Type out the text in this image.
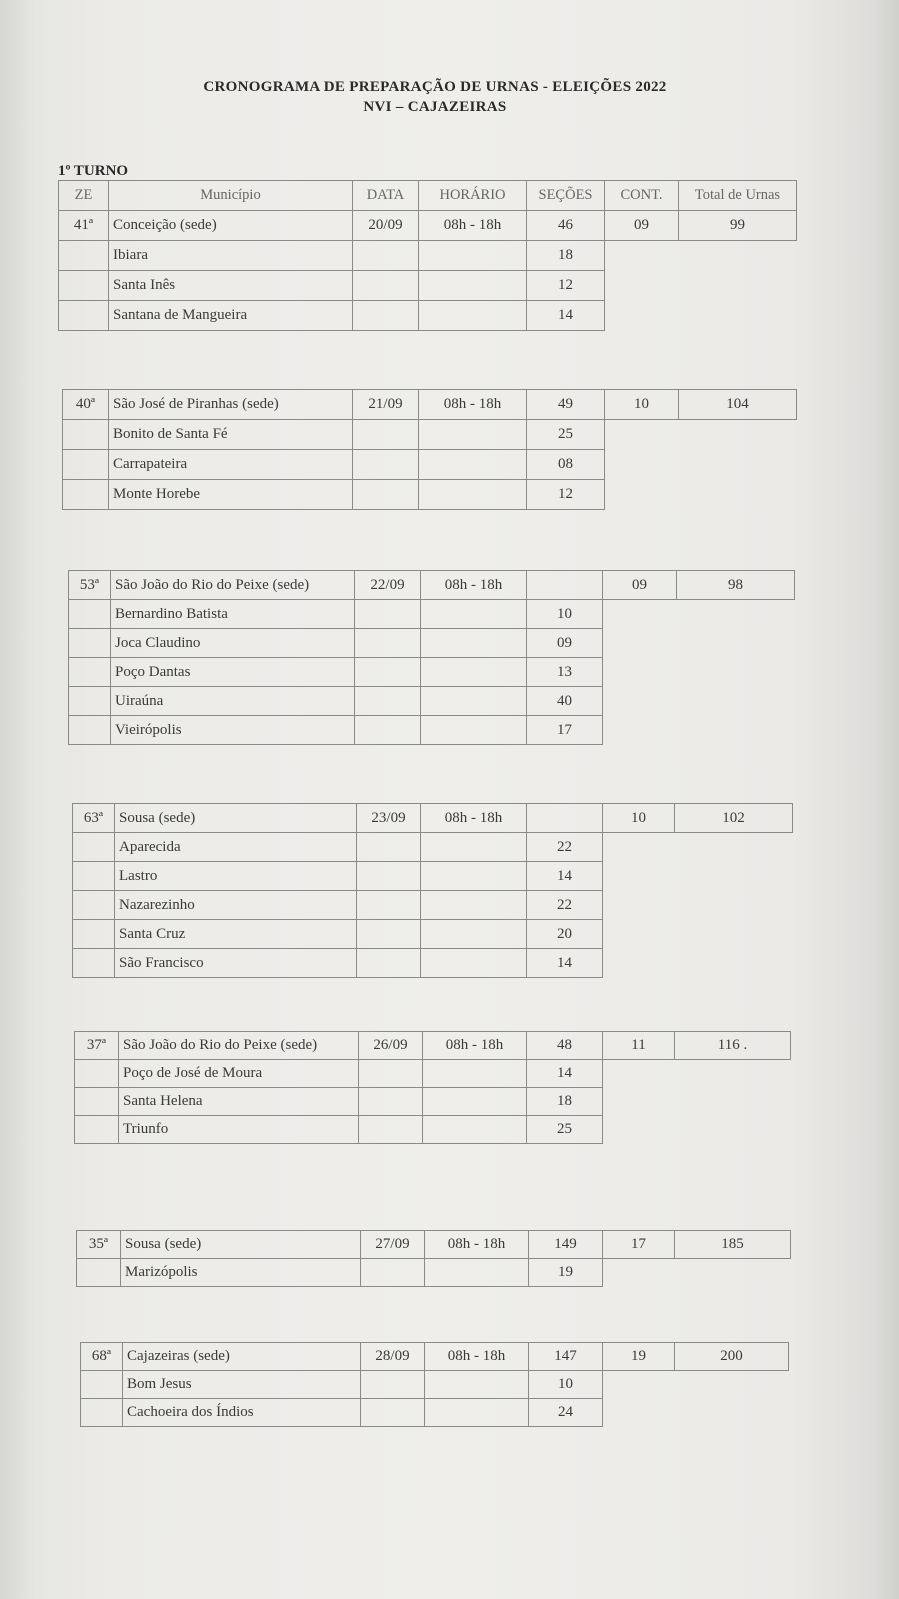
CRONOGRAMA DE PREPARAÇÃO DE URNAS - ELEIÇÕES 2022
NVI – CAJAZEIRAS
1º TURNO
ZE	Município	DATA	HORÁRIO	SEÇÕES	CONT.	Total de Urnas
41ª	Conceição (sede)	20/09	08h - 18h	46	09	99
	Ibiara			18		
	Santa Inês			12		
	Santana de Mangueira			14		
40ª	São José de Piranhas (sede)	21/09	08h - 18h	49	10	104
	Bonito de Santa Fé			25		
	Carrapateira			08		
	Monte Horebe			12		
53ª	São João do Rio do Peixe (sede)	22/09	08h - 18h		09	98
	Bernardino Batista			10		
	Joca Claudino			09		
	Poço Dantas			13		
	Uiraúna			40		
	Vieirópolis			17		
63ª	Sousa (sede)	23/09	08h - 18h		10	102
	Aparecida			22		
	Lastro			14		
	Nazarezinho			22		
	Santa Cruz			20		
	São Francisco			14		
37ª	São João do Rio do Peixe (sede)	26/09	08h - 18h	48	11	116 .
	Poço de José de Moura			14		
	Santa Helena			18		
	Triunfo			25		
35ª	Sousa (sede)	27/09	08h - 18h	149	17	185
	Marizópolis			19		
68ª	Cajazeiras (sede)	28/09	08h - 18h	147	19	200
	Bom Jesus			10		
	Cachoeira dos Índios			24		
